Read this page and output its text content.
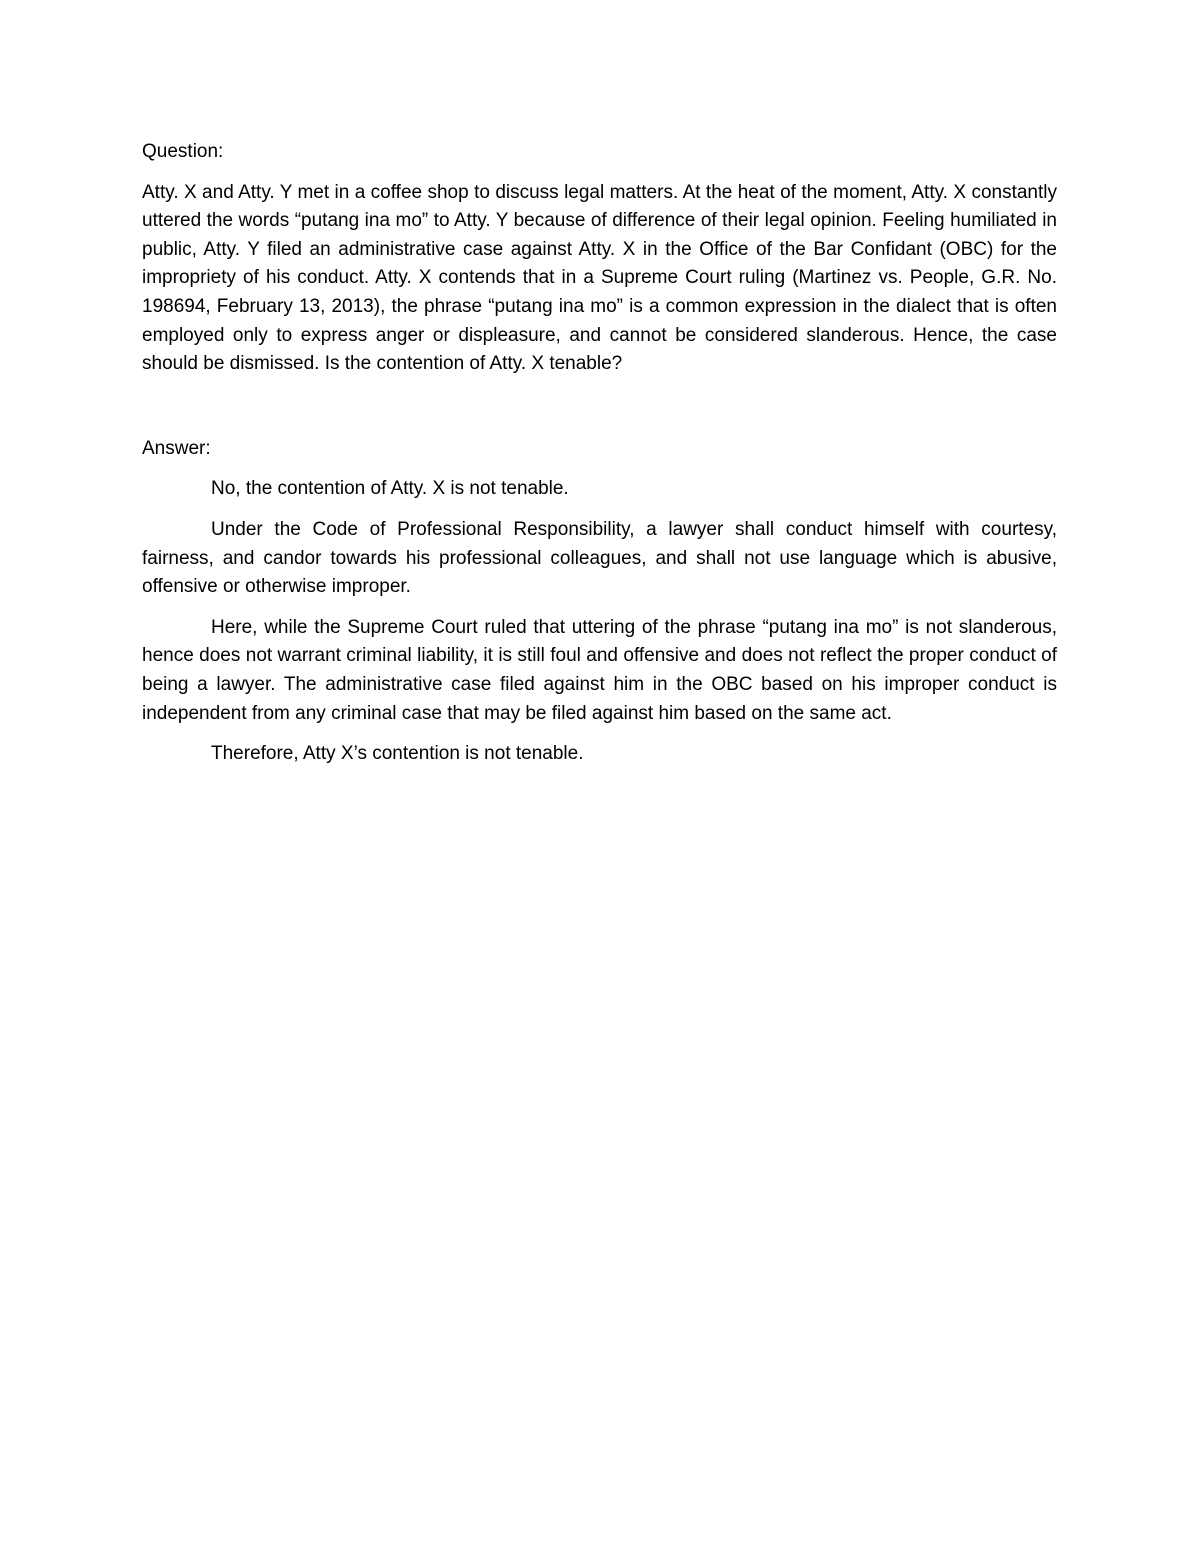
Question:

Atty. X and Atty. Y met in a coffee shop to discuss legal matters. At the heat of the moment, Atty. X constantly uttered the words “putang ina mo” to Atty. Y because of difference of their legal opinion. Feeling humiliated in public, Atty. Y filed an administrative case against Atty. X in the Office of the Bar Confidant (OBC) for the impropriety of his conduct. Atty. X contends that in a Supreme Court ruling (Martinez vs. People, G.R. No. 198694, February 13, 2013), the phrase “putang ina mo” is a common expression in the dialect that is often employed only to express anger or displeasure, and cannot be considered slanderous. Hence, the case should be dismissed. Is the contention of Atty. X tenable?

Answer:

No, the contention of Atty. X is not tenable.

Under the Code of Professional Responsibility, a lawyer shall conduct himself with courtesy, fairness, and candor towards his professional colleagues, and shall not use language which is abusive, offensive or otherwise improper.

Here, while the Supreme Court ruled that uttering of the phrase “putang ina mo” is not slanderous, hence does not warrant criminal liability, it is still foul and offensive and does not reflect the proper conduct of being a lawyer. The administrative case filed against him in the OBC based on his improper conduct is independent from any criminal case that may be filed against him based on the same act.

Therefore, Atty X’s contention is not tenable.
